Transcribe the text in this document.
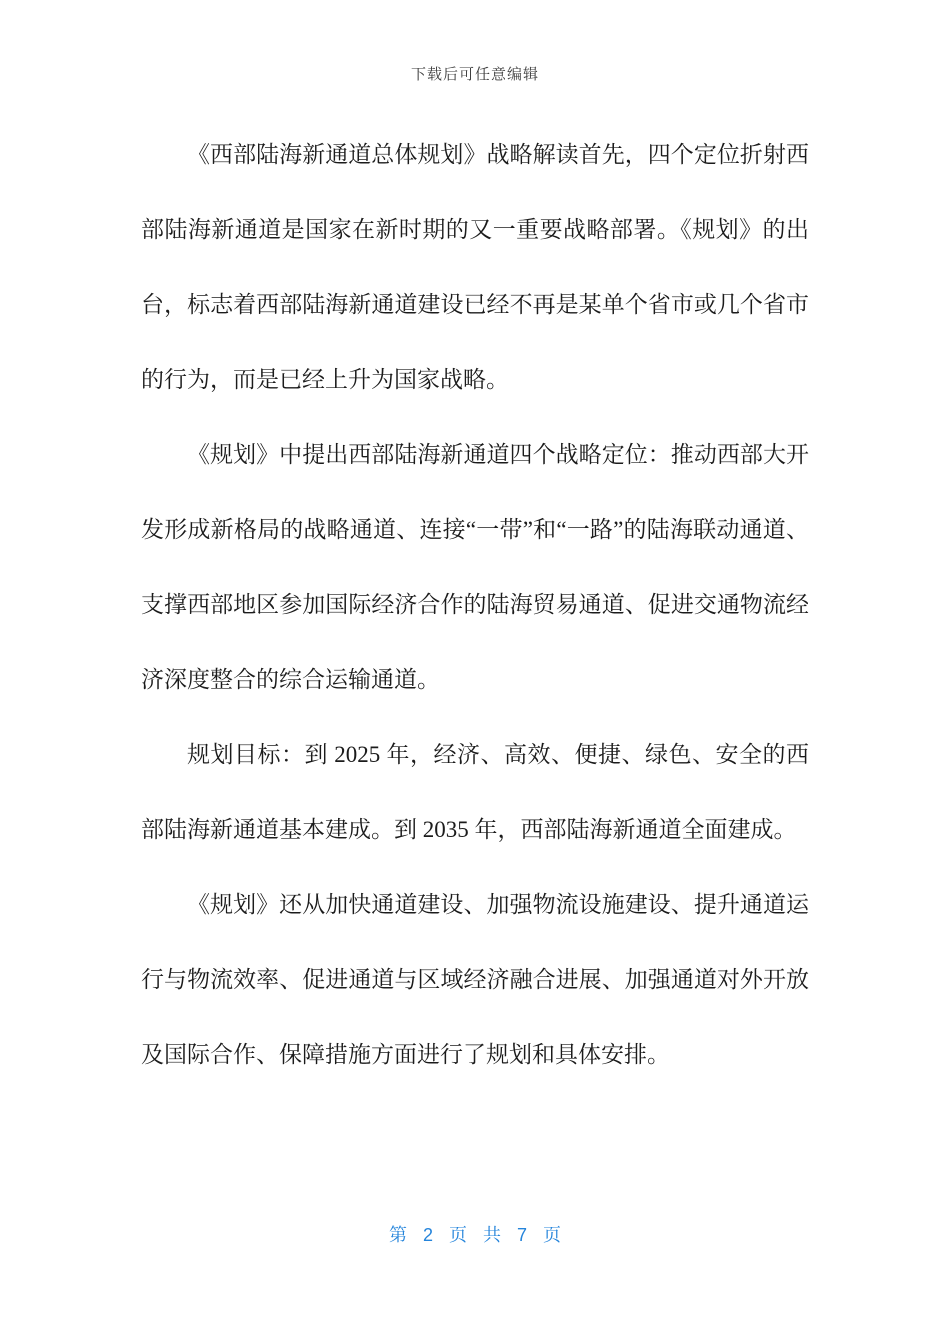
下载后可任意编辑

《西部陆海新通道总体规划》战略解读首先，四个定位折射西部陆海新通道是国家在新时期的又一重要战略部署。《规划》的出台，标志着西部陆海新通道建设已经不再是某单个省市或几个省市的行为，而是已经上升为国家战略。

《规划》中提出西部陆海新通道四个战略定位：推动西部大开发形成新格局的战略通道、连接“一带”和“一路”的陆海联动通道、支撑西部地区参加国际经济合作的陆海贸易通道、促进交通物流经济深度整合的综合运输通道。

规划目标：到 2025 年，经济、高效、便捷、绿色、安全的西部陆海新通道基本建成。到 2035 年，西部陆海新通道全面建成。

《规划》还从加快通道建设、加强物流设施建设、提升通道运行与物流效率、促进通道与区域经济融合进展、加强通道对外开放及国际合作、保障措施方面进行了规划和具体安排。

第 2 页 共 7 页
